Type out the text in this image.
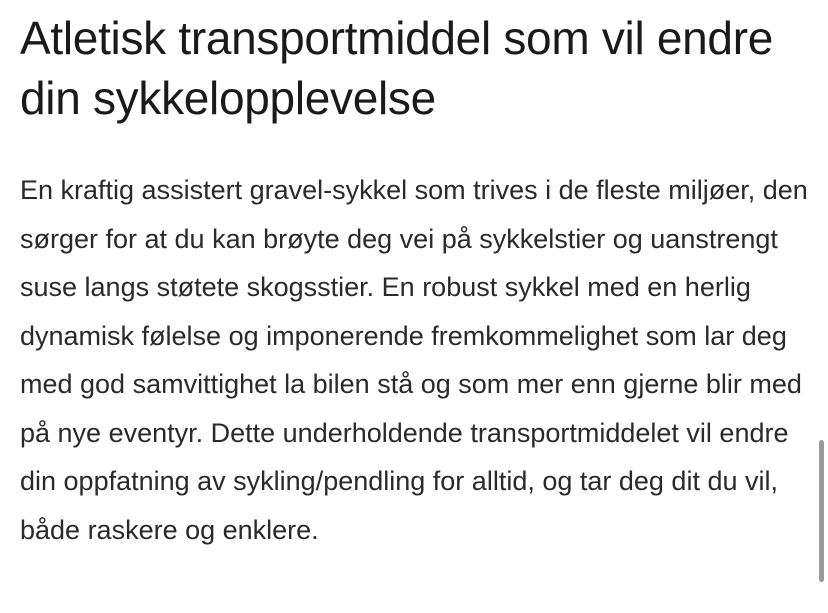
Atletisk transportmiddel som vil endre din sykkelopplevelse

En kraftig assistert gravel-sykkel som trives i de fleste miljøer, den sørger for at du kan brøyte deg vei på sykkelstier og uanstrengt suse langs støtete skogsstier. En robust sykkel med en herlig dynamisk følelse og imponerende fremkommelighet som lar deg med god samvittighet la bilen stå og som mer enn gjerne blir med på nye eventyr. Dette underholdende transportmiddelet vil endre din oppfatning av sykling/pendling for alltid, og tar deg dit du vil, både raskere og enklere.
